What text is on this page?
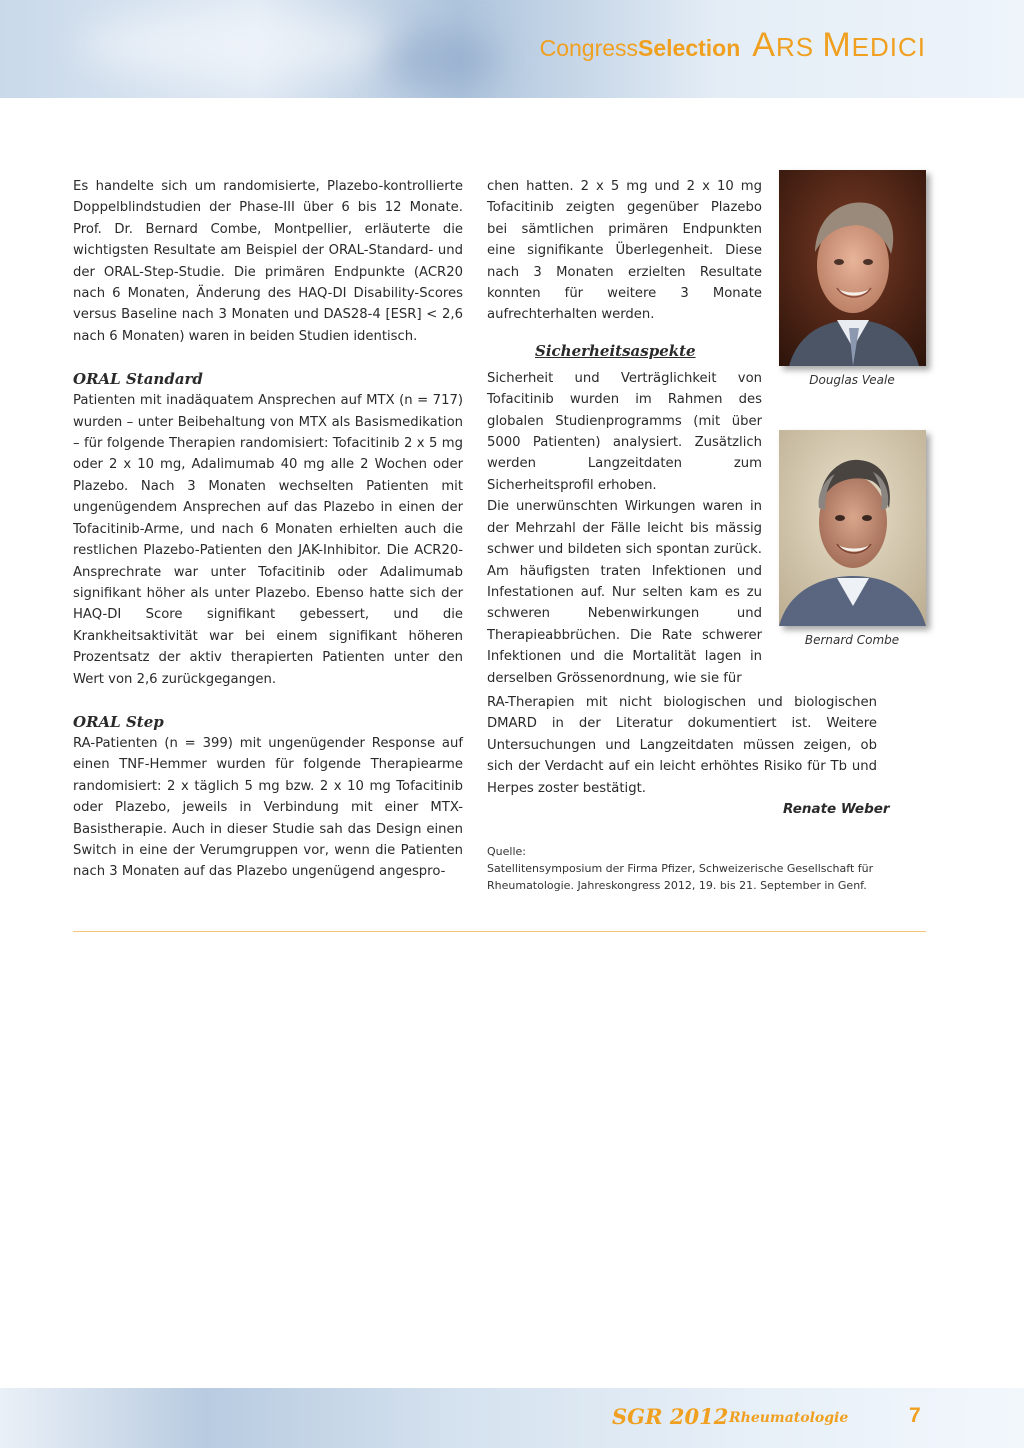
CongressSelection ARS MEDICI

Es handelte sich um randomisierte, Plazebo-kontrollierte Doppelblindstudien der Phase-III über 6 bis 12 Monate. Prof. Dr. Bernard Combe, Montpellier, erläuterte die wichtigsten Resultate am Beispiel der ORAL-Standard- und der ORAL-Step-Studie. Die primären Endpunkte (ACR20 nach 6 Monaten, Änderung des HAQ-DI Disability-Scores versus Baseline nach 3 Monaten und DAS28-4 [ESR] < 2,6 nach 6 Monaten) waren in beiden Studien identisch.

ORAL Standard

Patienten mit inadäquatem Ansprechen auf MTX (n = 717) wurden – unter Beibehaltung von MTX als Basismedikation – für folgende Therapien randomisiert: Tofacitinib 2 x 5 mg oder 2 x 10 mg, Adalimumab 40 mg alle 2 Wochen oder Plazebo. Nach 3 Monaten wechselten Patienten mit ungenügendem Ansprechen auf das Plazebo in einen der Tofacitinib-Arme, und nach 6 Monaten erhielten auch die restlichen Plazebo-Patienten den JAK-Inhibitor. Die ACR20-Ansprechrate war unter Tofacitinib oder Adalimumab signifikant höher als unter Plazebo. Ebenso hatte sich der HAQ-DI Score signifikant gebessert, und die Krankheitsaktivität war bei einem signifikant höheren Prozentsatz der aktiv therapierten Patienten unter den Wert von 2,6 zurückgegangen.

ORAL Step

RA-Patienten (n = 399) mit ungenügender Response auf einen TNF-Hemmer wurden für folgende Therapiearme randomisiert: 2 x täglich 5 mg bzw. 2 x 10 mg Tofacitinib oder Plazebo, jeweils in Verbindung mit einer MTX-Basistherapie. Auch in dieser Studie sah das Design einen Switch in eine der Verumgruppen vor, wenn die Patienten nach 3 Monaten auf das Plazebo ungenügend angespro-

chen hatten. 2 x 5 mg und 2 x 10 mg Tofacitinib zeigten gegenüber Plazebo bei sämtlichen primären Endpunkten eine signifikante Überlegenheit. Diese nach 3 Monaten erzielten Resultate konnten für weitere 3 Monate aufrechterhalten werden.

Sicherheitsaspekte

Sicherheit und Verträglichkeit von Tofacitinib wurden im Rahmen des globalen Studienprogramms (mit über 5000 Patienten) analysiert. Zusätzlich werden Langzeitdaten zum Sicherheitsprofil erhoben.

Die unerwünschten Wirkungen waren in der Mehrzahl der Fälle leicht bis mässig schwer und bildeten sich spontan zurück. Am häufigsten traten Infektionen und Infestationen auf. Nur selten kam es zu schweren Nebenwirkungen und Therapieabbrüchen. Die Rate schwerer Infektionen und die Mortalität lagen in derselben Grössenordnung, wie sie für

RA-Therapien mit nicht biologischen und biologischen DMARD in der Literatur dokumentiert ist. Weitere Untersuchungen und Langzeitdaten müssen zeigen, ob sich der Verdacht auf ein leicht erhöhtes Risiko für Tb und Herpes zoster bestätigt.

Renate Weber
Quelle:
Satellitensymposium der Firma Pfizer, Schweizerische Gesellschaft für Rheumatologie. Jahreskongress 2012, 19. bis 21. September in Genf.
Douglas Veale
Bernard Combe
SGR 2012 Rheumatologie	7
